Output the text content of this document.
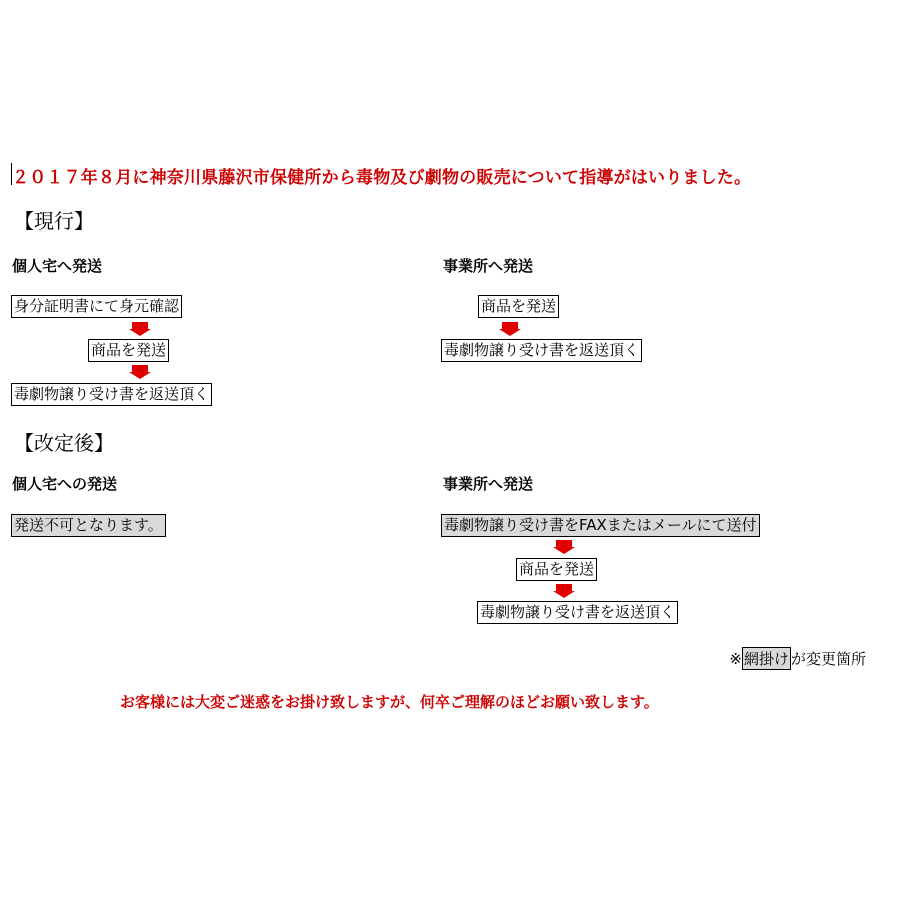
２０１７年８月に神奈川県藤沢市保健所から毒物及び劇物の販売について指導がはいりました。
【現行】
個人宅へ発送	事業所へ発送
身分証明書にて身元確認
商品を発送
毒劇物譲り受け書を返送頂く
商品を発送
毒劇物譲り受け書を返送頂く
【改定後】
個人宅への発送	事業所へ発送
発送不可となります。	毒劇物譲り受け書をFAXまたはメールにて送付
商品を発送
毒劇物譲り受け書を返送頂く
※ 網掛け が変更箇所
お客様には大変ご迷惑をお掛け致しますが、何卒ご理解のほどお願い致します。
